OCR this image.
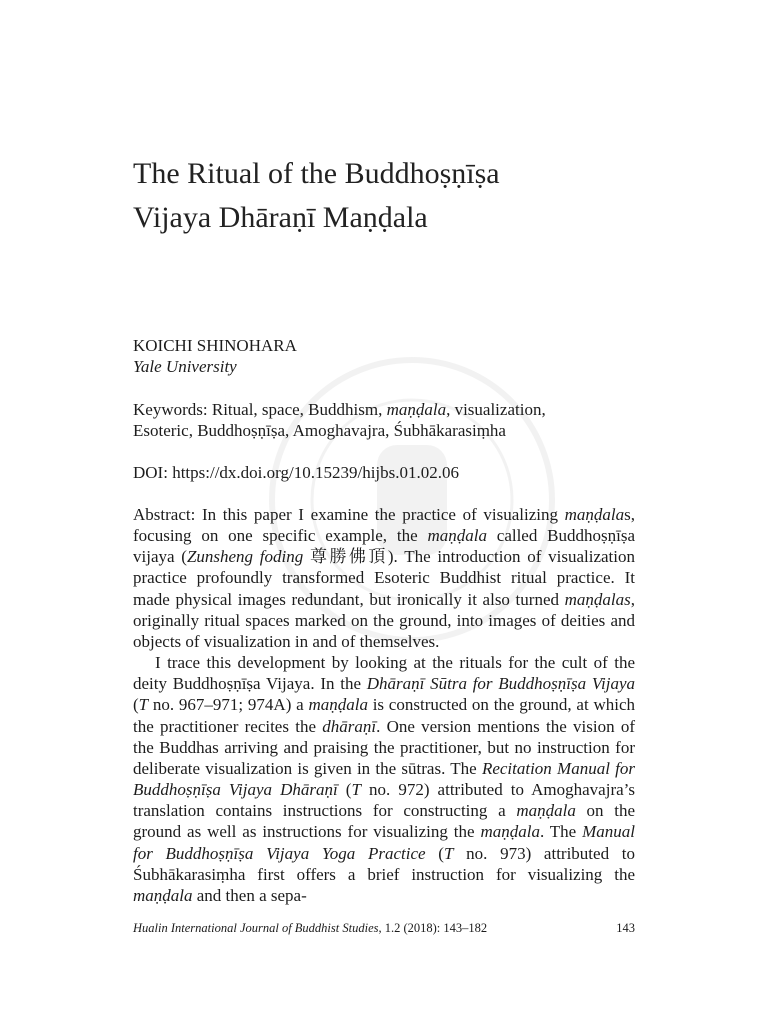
The Ritual of the Buddhoṣṇīṣa
Vijaya Dhāraṇī Maṇḍala
KOICHI SHINOHARA
Yale University
Keywords: Ritual, space, Buddhism, maṇḍala, visualization,
Esoteric, Buddhoṣṇīṣa, Amoghavajra, Śubhākarasiṃha
DOI: https://dx.doi.org/10.15239/hijbs.01.02.06

Abstract: In this paper I examine the practice of visualizing maṇḍalas, focusing on one specific example, the maṇḍala called Buddhoṣṇīṣa vijaya (Zunsheng foding 尊勝佛頂). The introduction of visualization practice profoundly transformed Esoteric Buddhist ritual practice. It made physical images redundant, but ironically it also turned maṇḍalas, originally ritual spaces marked on the ground, into images of deities and objects of visualization in and of themselves.

I trace this development by looking at the rituals for the cult of the deity Buddhoṣṇīṣa Vijaya. In the Dhāraṇī Sūtra for Buddhoṣṇīṣa Vijaya (T no. 967–971; 974A) a maṇḍala is constructed on the ground, at which the practitioner recites the dhāraṇī. One version mentions the vision of the Buddhas arriving and praising the practitioner, but no instruction for deliberate visualization is given in the sūtras. The Recitation Manual for Buddhoṣṇīṣa Vijaya Dhāraṇī (T no. 972) attributed to Amoghavajra’s translation contains instructions for constructing a maṇḍala on the ground as well as instructions for visualizing the maṇḍala. The Manual for Buddhoṣṇīṣa Vijaya Yoga Practice (T no. 973) attributed to Śubhākarasiṃha first offers a brief instruction for visualizing the maṇḍala and then a sepa-

Hualin International Journal of Buddhist Studies, 1.2 (2018): 143–182	143
